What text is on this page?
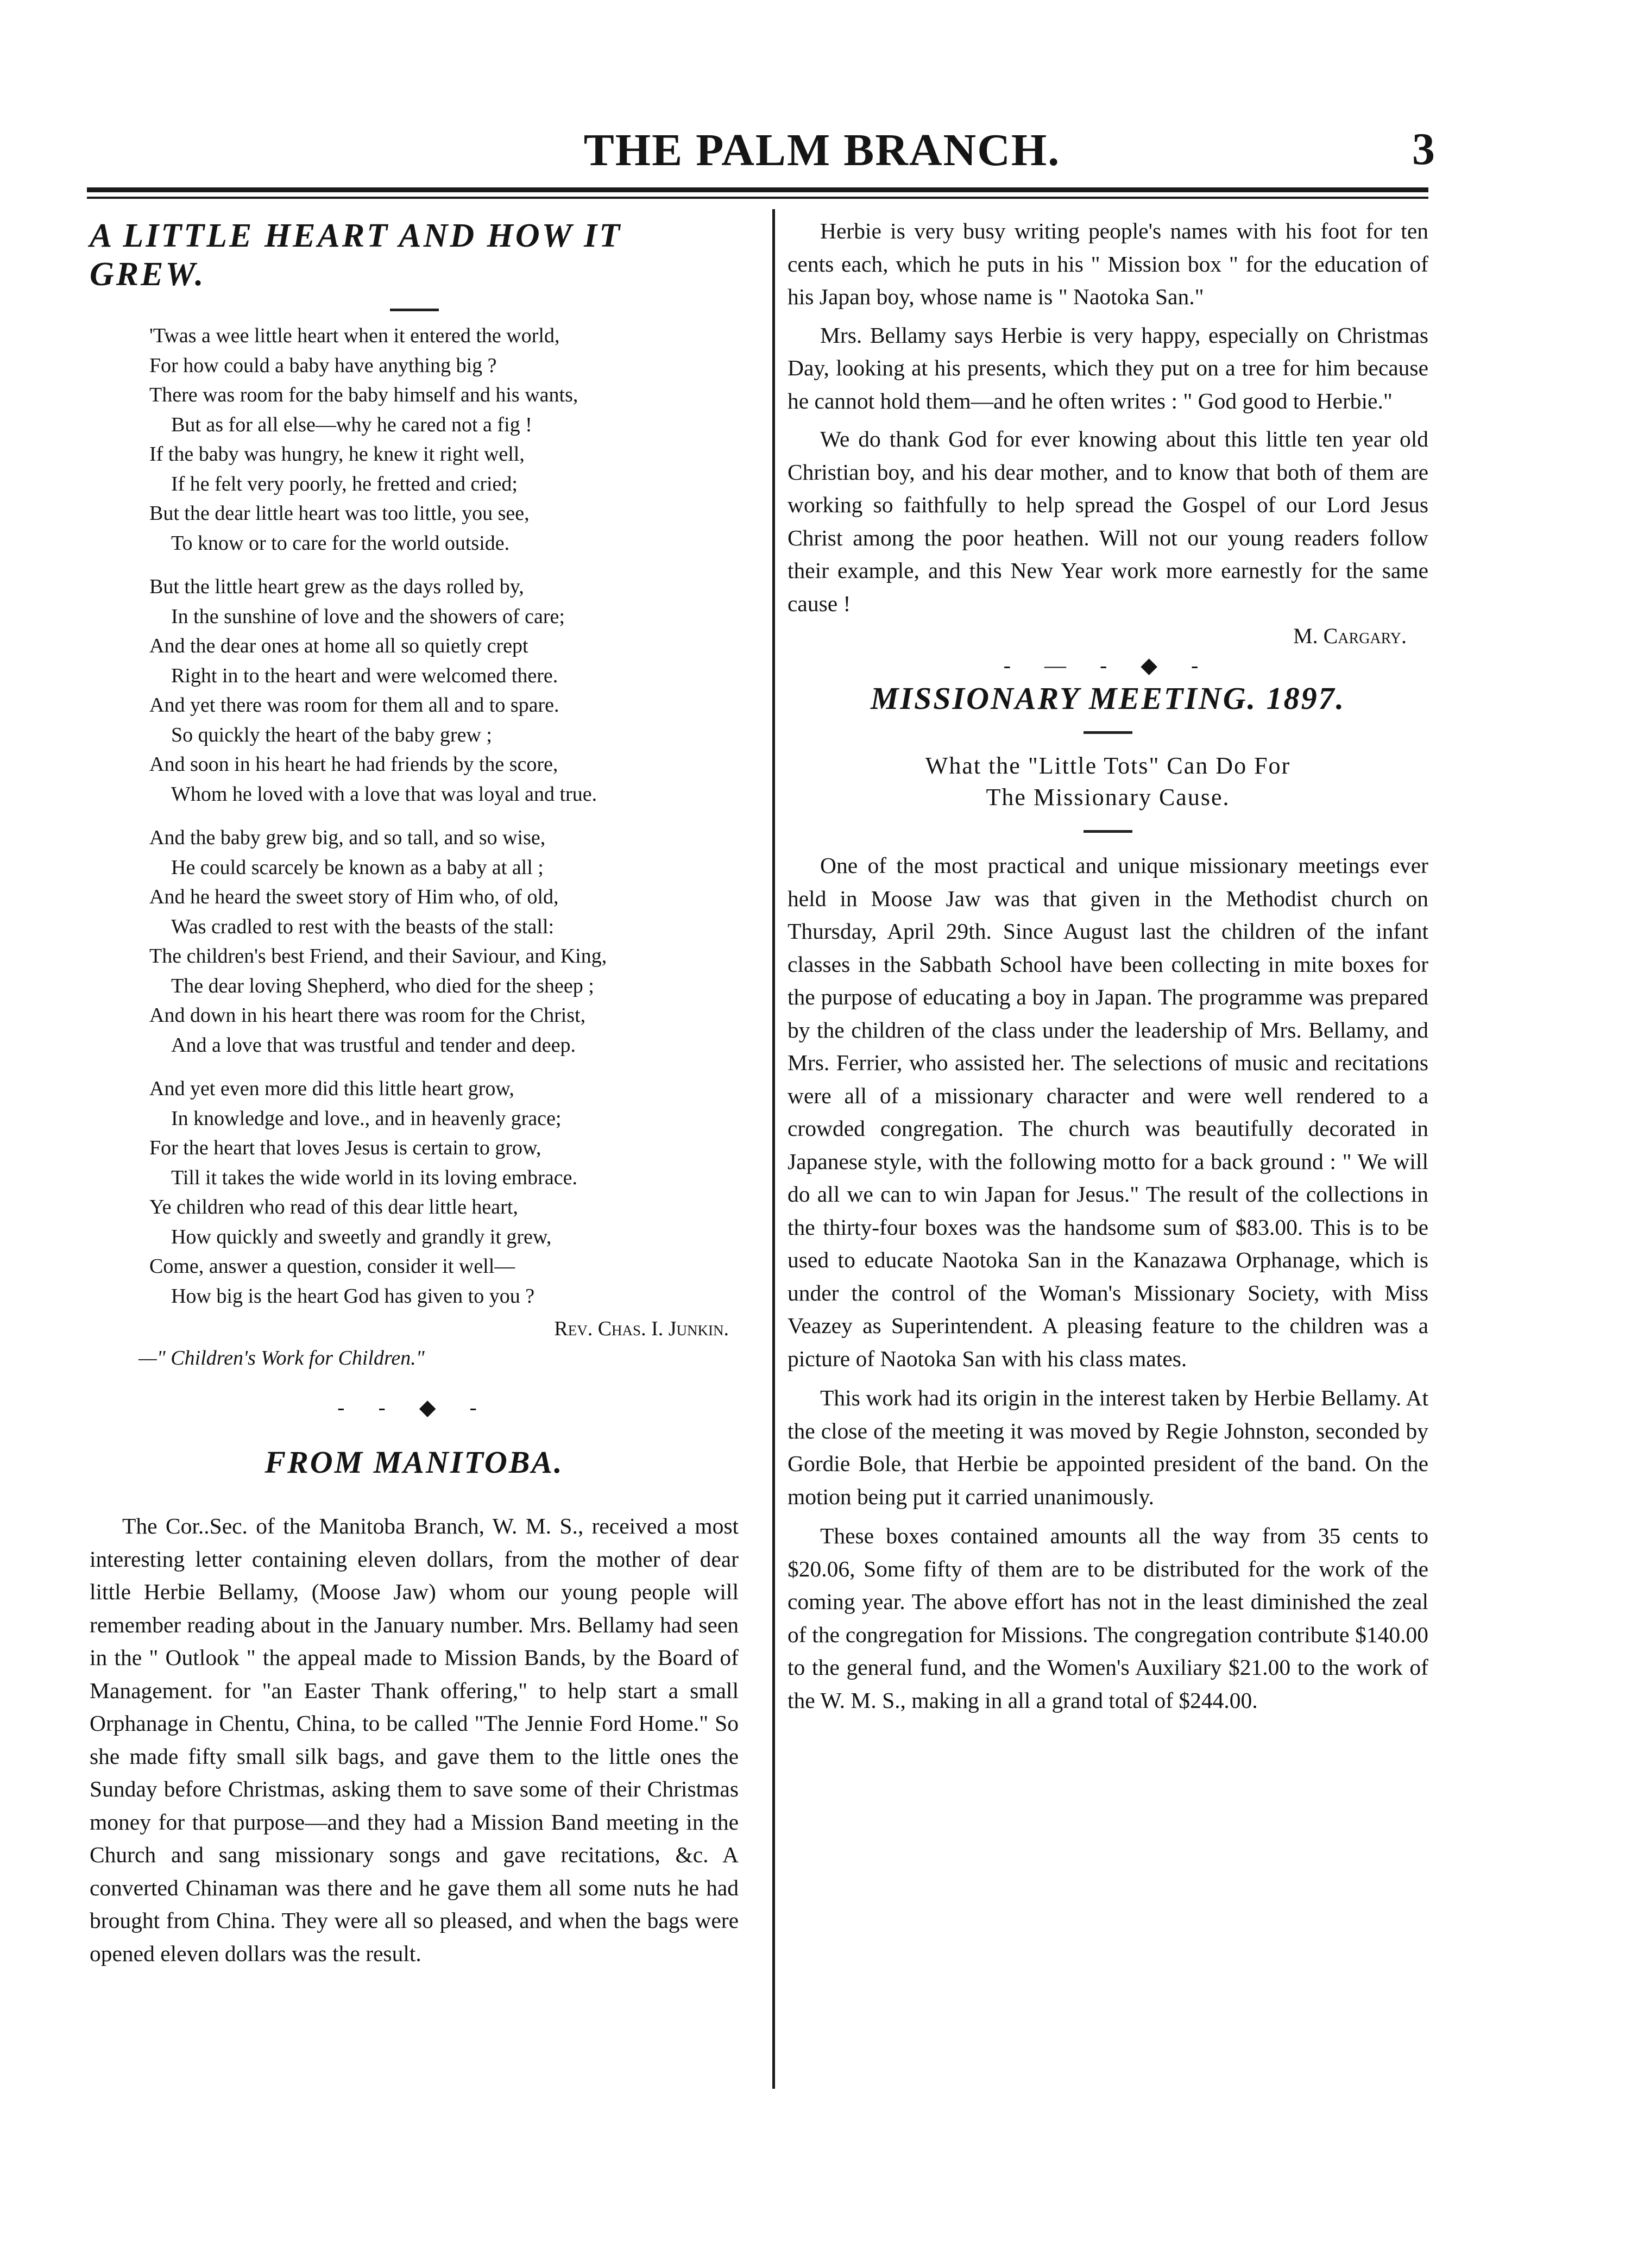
THE PALM BRANCH.	3
A LITTLE HEART AND HOW IT GREW.
'Twas a wee little heart when it entered the world,
For how could a baby have anything big ?
There was room for the baby himself and his wants,
But as for all else—why he cared not a fig !
If the baby was hungry, he knew it right well,
If he felt very poorly, he fretted and cried;
But the dear little heart was too little, you see,
To know or to care for the world outside.
But the little heart grew as the days rolled by,
In the sunshine of love and the showers of care;
And the dear ones at home all so quietly crept
Right in to the heart and were welcomed there.
And yet there was room for them all and to spare.
So quickly the heart of the baby grew ;
And soon in his heart he had friends by the score,
Whom he loved with a love that was loyal and true.
And the baby grew big, and so tall, and so wise,
He could scarcely be known as a baby at all ;
And he heard the sweet story of Him who, of old,
Was cradled to rest with the beasts of the stall:
The children's best Friend, and their Saviour, and King,
The dear loving Shepherd, who died for the sheep ;
And down in his heart there was room for the Christ,
And a love that was trustful and tender and deep.
And yet even more did this little heart grow,
In knowledge and love., and in heavenly grace;
For the heart that loves Jesus is certain to grow,
Till it takes the wide world in its loving embrace.
Ye children who read of this dear little heart,
How quickly and sweetly and grandly it grew,
Come, answer a question, consider it well—
How big is the heart God has given to you ?
Rev. Chas. I. Junkin.
—" Children's Work for Children."
- - ◆ -
FROM MANITOBA.

The Cor..Sec. of the Manitoba Branch, W. M. S., received a most interesting letter containing eleven dollars, from the mother of dear little Herbie Bellamy, (Moose Jaw) whom our young people will remember reading about in the January number. Mrs. Bellamy had seen in the " Outlook " the appeal made to Mission Bands, by the Board of Management. for "an Easter Thank offering," to help start a small Orphanage in Chentu, China, to be called "The Jennie Ford Home." So she made fifty small silk bags, and gave them to the little ones the Sunday before Christmas, asking them to save some of their Christmas money for that purpose—and they had a Mission Band meeting in the Church and sang missionary songs and gave recitations, &c. A converted Chinaman was there and he gave them all some nuts he had brought from China. They were all so pleased, and when the bags were opened eleven dollars was the result.

Herbie is very busy writing people's names with his foot for ten cents each, which he puts in his " Mission box " for the education of his Japan boy, whose name is " Naotoka San."

Mrs. Bellamy says Herbie is very happy, especially on Christmas Day, looking at his presents, which they put on a tree for him because he cannot hold them—and he often writes : " God good to Herbie."

We do thank God for ever knowing about this little ten year old Christian boy, and his dear mother, and to know that both of them are working so faithfully to help spread the Gospel of our Lord Jesus Christ among the poor heathen. Will not our young readers follow their example, and this New Year work more earnestly for the same cause !

M. Cargary.
- — - ◆ -
MISSIONARY MEETING. 1897.
What the "Little Tots" Can Do For
The Missionary Cause.

One of the most practical and unique missionary meetings ever held in Moose Jaw was that given in the Methodist church on Thursday, April 29th. Since August last the children of the infant classes in the Sabbath School have been collecting in mite boxes for the purpose of educating a boy in Japan. The programme was prepared by the children of the class under the leadership of Mrs. Bellamy, and Mrs. Ferrier, who assisted her. The selections of music and recitations were all of a missionary character and were well rendered to a crowded congregation. The church was beautifully decorated in Japanese style, with the following motto for a back ground : " We will do all we can to win Japan for Jesus." The result of the collections in the thirty-four boxes was the handsome sum of $83.00. This is to be used to educate Naotoka San in the Kanazawa Orphanage, which is under the control of the Woman's Missionary Society, with Miss Veazey as Superintendent. A pleasing feature to the children was a picture of Naotoka San with his class mates.

This work had its origin in the interest taken by Herbie Bellamy. At the close of the meeting it was moved by Regie Johnston, seconded by Gordie Bole, that Herbie be appointed president of the band. On the motion being put it carried unanimously.

These boxes contained amounts all the way from 35 cents to $20.06, Some fifty of them are to be distributed for the work of the coming year. The above effort has not in the least diminished the zeal of the congregation for Missions. The congregation contribute $140.00 to the general fund, and the Women's Auxiliary $21.00 to the work of the W. M. S., making in all a grand total of $244.00.
